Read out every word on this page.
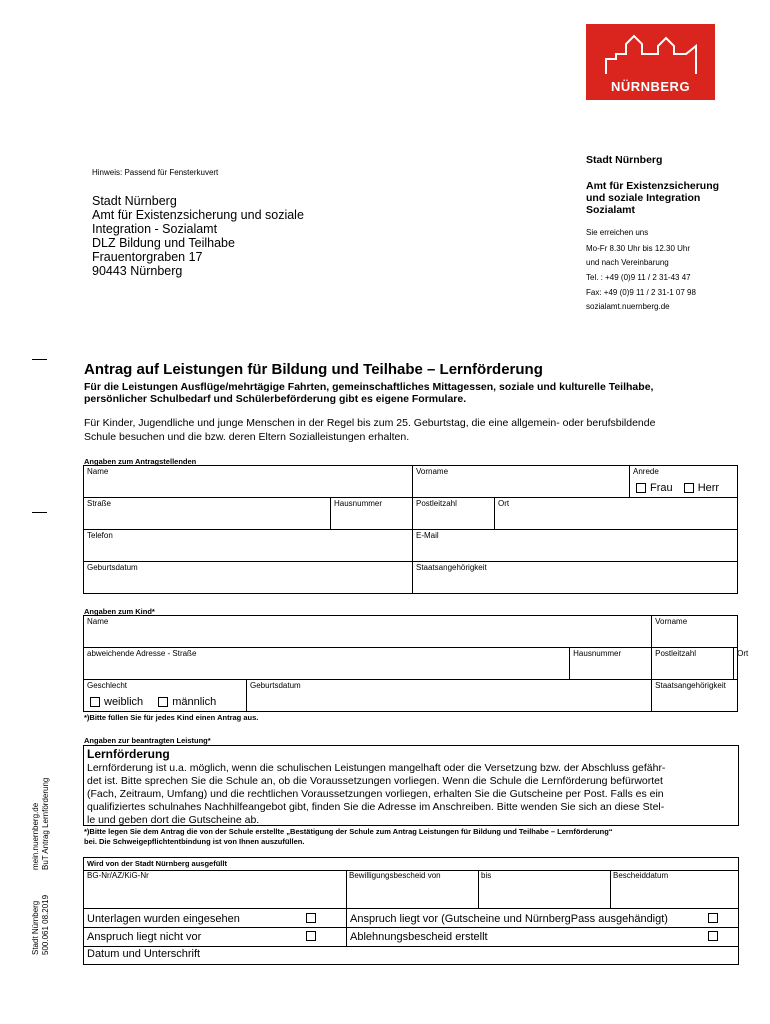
NÜRNBERG
Hinweis: Passend für Fensterkuvert
Stadt Nürnberg
Amt für Existenzsicherung und soziale
Integration - Sozialamt
DLZ Bildung und Teilhabe
Frauentorgraben 17
90443 Nürnberg
Stadt Nürnberg
Amt für Existenzsicherung
und soziale Integration
Sozialamt
Sie erreichen uns
Mo-Fr 8.30 Uhr bis 12.30 Uhr
und nach Vereinbarung
Tel. : +49 (0)9 11 / 2 31-43 47
Fax: +49 (0)9 11 / 2 31-1 07 98
sozialamt.nuernberg.de
Antrag auf Leistungen für Bildung und Teilhabe – Lernförderung
Für die Leistungen Ausflüge/mehrtägige Fahrten, gemeinschaftliches Mittagessen, soziale und kulturelle Teilhabe,
persönlicher Schulbedarf und Schülerbeförderung gibt es eigene Formulare.
Für Kinder, Jugendliche und junge Menschen in der Regel bis zum 25. Geburtstag, die eine allgemein- oder berufsbildende
Schule besuchen und die bzw. deren Eltern Sozialleistungen erhalten.
Angaben zum Antragstellenden
Name		Vorname		Anrede
Frau Herr

Straße	Hausnummer	Postleitzahl	Ort	

Telefon		E-Mail		

Geburtsdatum		Staatsangehörigkeit		
Angaben zum Kind*
Name			Vorname	

abweichende Adresse - Straße		Hausnummer	Postleitzahl	Ort

Geschlecht
weiblich männlich	Geburtsdatum		Staatsangehörigkeit	
*)Bitte füllen Sie für jedes Kind einen Antrag aus.
Angaben zur beantragten Leistung*
Lernförderung
Lernförderung ist u.a. möglich, wenn die schulischen Leistungen mangelhaft oder die Versetzung bzw. der Abschluss gefähr-
det ist. Bitte sprechen Sie die Schule an, ob die Voraussetzungen vorliegen. Wenn die Schule die Lernförderung befürwortet
(Fach, Zeitraum, Umfang) und die rechtlichen Voraussetzungen vorliegen, erhalten Sie die Gutscheine per Post. Falls es ein
qualifiziertes schulnahes Nachhilfeangebot gibt, finden Sie die Adresse im Anschreiben. Bitte wenden Sie sich an diese Stel-
le und geben dort die Gutscheine ab.
*)Bitte legen Sie dem Antrag die von der Schule erstellte „Bestätigung der Schule zum Antrag Leistungen für Bildung und Teilhabe – Lernförderung“
bei. Die Schweigepflichtentbindung ist von Ihnen auszufüllen.
Wird von der Stadt Nürnberg ausgefüllt
BG-Nr/AZ/KiG-Nr	Bewilligungsbescheid von	bis	Bescheiddatum
Unterlagen wurden eingesehen	Anspruch liegt vor (Gutscheine und NürnbergPass ausgehändigt)
Anspruch liegt nicht vor	Ablehnungsbescheid erstellt
Datum und Unterschrift
mein.nuernberg.de BuT Antrag Lernförderung
Stadt Nürnberg 500.061 08.2019
